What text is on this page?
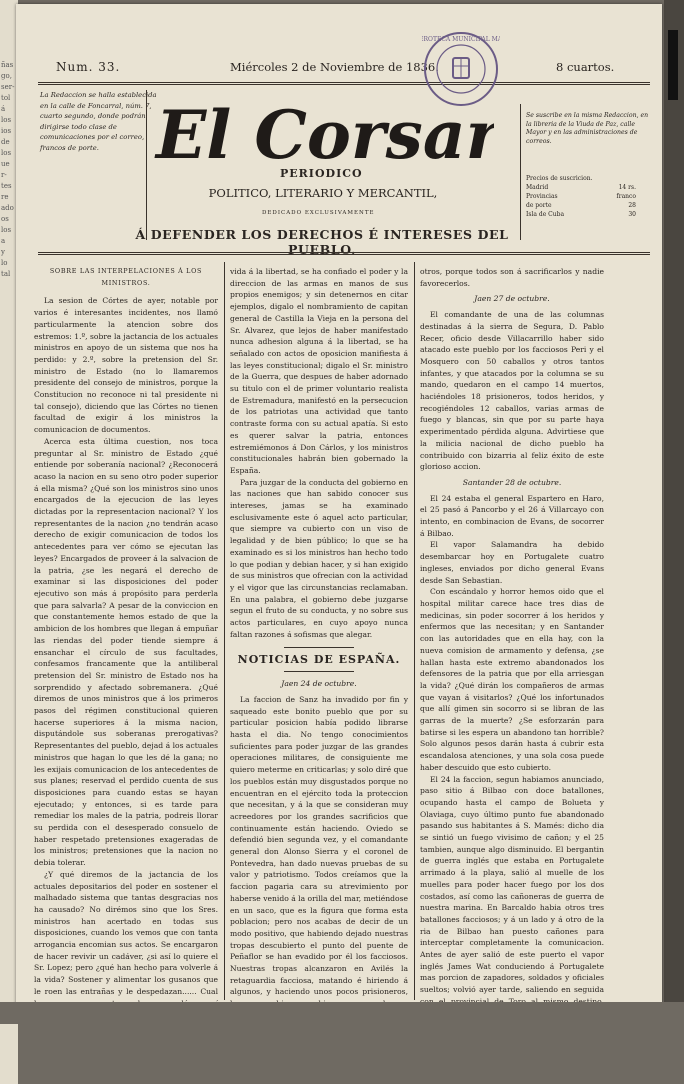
ñas
go,
ser-
tol
á
los
ios
de
los
ue
r-
tes
re
ado
os
los
a
y
lo
tal
Num. 33.	Miércoles 2 de Noviembre de 1836.	8 cuartos.
La Redaccion se halla establecida en la calle de Foncarral, núm. 7, cuarto segundo, donde podrán dirigirse todo clase de comunicaciones por el correo, francos de porte. El Corsar
ROTECA MUNICIPAL MA
Se suscribe en la misma Redaccion, en la libreria de la Viuda de Paz, calle Mayor y en las administraciones de correos.
Precios de suscricion.
Madrid	14 rs.
Provincias	franco
de porte	28
Isla de Cuba	30
PERIODICO
POLITICO, LITERARIO Y MERCANTIL,
DEDICADO EXCLUSIVAMENTE
Á DEFENDER LOS DERECHOS É INTERESES DEL PUEBLO.

SOBRE LAS INTERPELACIONES Á LOS MINISTROS.

La sesion de Córtes de ayer, notable por varios é interesantes incidentes, nos llamó particularmente la atencion sobre dos estremos: 1.º, sobre la jactancia de los actuales ministros en apoyo de un sistema que nos ha perdido: y 2.º, sobre la pretension del Sr. ministro de Estado (no lo llamaremos presidente del consejo de ministros, porque la Constitucion no reconoce ni tal presidente ni tal consejo), diciendo que las Córtes no tienen facultad de exigir á los ministros la comunicacion de documentos.

Acerca esta última cuestion, nos toca preguntar al Sr. ministro de Estado ¿qué entiende por soberanía nacional? ¿Reconocerá acaso la nacion en su seno otro poder superior á ella misma? ¿Qué son los ministros sino unos encargados de la ejecucion de las leyes dictadas por la representacion nacional? Y los representantes de la nacion ¿no tendrán acaso derecho de exigir comunicacion de todos los antecedentes para ver cómo se ejecutan las leyes? Encargados de proveer á la salvacion de la patria, ¿se les negará el derecho de examinar si las disposiciones del poder ejecutivo son más á propósito para perderla que para salvarla? A pesar de la conviccion en que constantemente hemos estado de que la ambicion de los hombres que llegan á empuñar las riendas del poder tiende siempre á ensanchar el círculo de sus facultades, confesamos francamente que la antiliberal pretension del Sr. ministro de Estado nos ha sorprendido y afectado sobremanera. ¿Qué diremos de unos ministros que á los primeros pasos del régimen constitucional quieren hacerse superiores á la misma nacion, disputándole sus soberanas prerogativas? Representantes del pueblo, dejad á los actuales ministros que hagan lo que les dé la gana; no les exijais comunicacion de los antecedentes de sus planes; reservad el perdido cuenta de sus disposiciones para cuando estas se hayan ejecutado; y entonces, si es tarde para remediar los males de la patria, podreis llorar su perdida con el desesperado consuelo de haber respetado pretensiones exageradas de los ministros; pretensiones que la nacion no debia tolerar.

¿Y qué diremos de la jactancia de los actuales depositarios del poder en sostener el malhadado sistema que tantas desgracias nos ha causado? No dirémos sino que los Sres. ministros han acertado en todas sus disposiciones, cuando los vemos que con tanta arrogancia encomian sus actos. Se encargaron de hacer revivir un cadáver, ¿si así lo quiere el Sr. Lopez; pero ¿qué han hecho para volverle á la vida? Sostener y alimentar los gusanos que le roen las entrañas y le despedazan...... Cual

vida á la libertad, se ha confiado el poder y la direccion de las armas en manos de sus propios enemigos; y sin detenernos en citar ejemplos, digalo el nombramiento de capitan general de Castilla la Vieja en la persona del Sr. Alvarez, que lejos de haber manifestado nunca adhesion alguna á la libertad, se ha señalado con actos de oposicion manifiesta á las leyes constitucional; digalo el Sr. ministro de la Guerra, que despues de haber adornado su titulo con el de primer voluntario realista de Estremadura, manifestó en la persecucion de los patriotas una actividad que tanto contraste forma con su actual apatía. Si esto es querer salvar la patria, entonces estremiémonos á Don Cárlos, y los ministros constitucionales habrán bien gobernado la España.

Para juzgar de la conducta del gobierno en las naciones que han sabido conocer sus intereses, jamas se ha examinado esclusivamente este ó aquel acto particular, que siempre va cubierto con un viso de legalidad y de bien público; lo que se ha examinado es si los ministros han hecho todo lo que podian y debian hacer, y si han exigido de sus ministros que ofrecian con la actividad y el vigor que las circunstancias reclamaban. En una palabra, el gobierno debe juzgarse segun el fruto de su conducta, y no sobre sus actos particulares, en cuyo apoyo nunca faltan razones á sofismas que alegar.

NOTICIAS DE ESPAÑA.

Jaen 24 de octubre.

La faccion de Sanz ha invadido por fin y saqueado este bonito pueblo que por su particular posicion había podido librarse hasta el dia. No tengo conocimientos suficientes para poder juzgar de las grandes operaciones militares, de consiguiente me quiero meterme en criticarlas; y solo diré que los pueblos están muy disgustados porque no encuentran en el ejército toda la proteccion que necesitan, y á la que se consideran muy acreedores por los grandes sacrificios que continuamente están haciendo. Oviedo se defendió bien segunda vez, y el comandante general don Alonso Sierra y el coronel de Pontevedra, han dado nuevas pruebas de su valor y patriotismo. Todos creíamos que la faccion pagaria cara su atrevimiento por haberse venido á la orilla del mar, metiéndose en un saco, que es la figura que forma esta poblacion; pero nos acabas de decir de un modo positivo, que habiendo dejado nuestras tropas descubierto el punto del puente de Peñaflor se han evadido por él los facciosos. Nuestras tropas alcanzaron en Avilés la retaguardia facciosa, matando é hiriendo á algunos, y haciendo unos pocos prisioneros,

otros, porque todos son á sacrificarlos y nadie favorecerlos.

Jaen 27 de octubre.

El comandante de una de las columnas destinadas á la sierra de Segura, D. Pablo Recer, oficio desde Villacarrillo haber sido atacado este pueblo por los facciosos Peri y el Mosquero con 50 caballos y otros tantos infantes, y que atacados por la columna se su mando, quedaron en el campo 14 muertos, haciéndoles 18 prisioneros, todos heridos, y recogiéndoles 12 caballos, varias armas de fuego y blancas, sin que por su parte haya experimentado pérdida alguna. Advirtiese que la milicia nacional de dicho pueblo ha contribuido con bizarria al feliz éxito de este glorioso accion.

Santander 28 de octubre.

El 24 estaba el general Espartero en Haro, el 25 pasó á Pancorbo y el 26 á Villarcayo con intento, en combinacion de Evans, de socorrer á Bilbao.

El vapor Salamandra ha debido desembarcar hoy en Portugalete cuatro ingleses, enviados por dicho general Evans desde San Sebastian.

Con escándalo y horror hemos oido que el hospital militar carece hace tres dias de medicinas, sin poder socorrer á los heridos y enfermos que las necesitan; y en Santander con las autoridades que en ella hay, con la nueva comision de armamento y defensa, ¿se hallan hasta este extremo abandonados los defensores de la patria que por ella arriesgan la vida? ¿Qué dirán los compañeros de armas que vayan á visitarlos? ¿Qué los infortunados que allí gimen sin socorro si se libran de las garras de la muerte? ¿Se esforzarán para batirse si les espera un abandono tan horrible? Solo algunos pesos darán hasta á cubrir esta escandalosa atenciones, y una sola cosa puede haber descuido que esto cubierto.

El 24 la faccion, segun habiamos anunciado, paso sitio á Bilbao con doce batallones, ocupando hasta el campo de Bolueta y Olaviaga, cuyo último punto fue abandonado pasando sus habitantes á S. Mamés: dicho dia se sintió un fuego vivisimo de cañon; y el 25 tambien, aunque algo disminuido. El bergantin de guerra inglés que estaba en Portugalete arrimado á la playa, salió al muelle de los muelles para poder hacer fuego por los dos costados, así como las cañoneras de guerra de nuestra marina. En Barcaldo habia otros tres batallones facciosos; y á un lado y á otro de la ria de Bilbao han puesto cañones para interceptar completamente la comunicacion. Antes de ayer salió de este puerto el vapor inglés James Wat conduciendo á Portugalete mas porcion de zapadores, soldados y oficiales sueltos; volvió ayer tarde, saliendo en seguida
